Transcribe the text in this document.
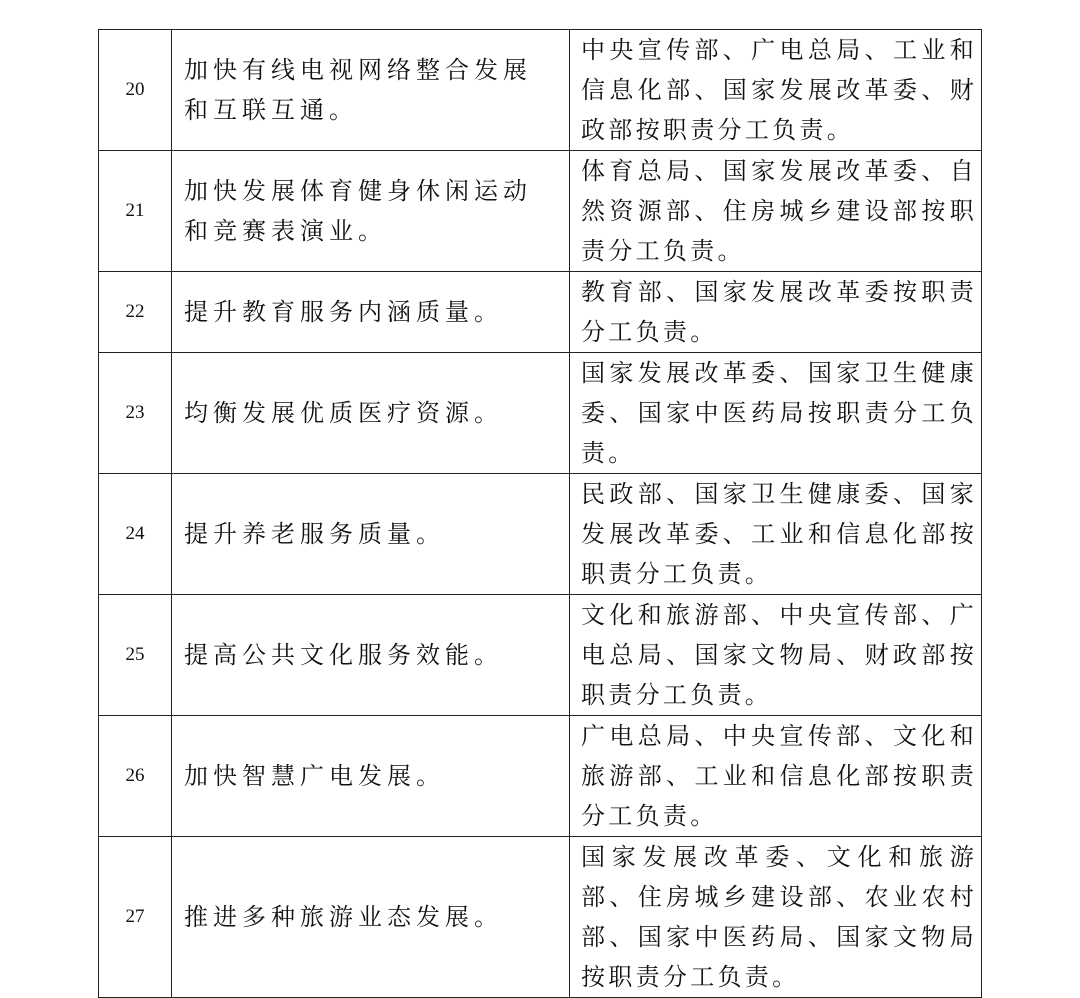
20	加快有线电视网络整合发展和互联互通。	中央宣传部、广电总局、工业和信息化部、国家发展改革委、财政部按职责分工负责。
21	加快发展体育健身休闲运动和竞赛表演业。	体育总局、国家发展改革委、自然资源部、住房城乡建设部按职责分工负责。
22	提升教育服务内涵质量。	教育部、国家发展改革委按职责分工负责。
23	均衡发展优质医疗资源。	国家发展改革委、国家卫生健康委、国家中医药局按职责分工负责。
24	提升养老服务质量。	民政部、国家卫生健康委、国家发展改革委、工业和信息化部按职责分工负责。
25	提高公共文化服务效能。	文化和旅游部、中央宣传部、广电总局、国家文物局、财政部按职责分工负责。
26	加快智慧广电发展。	广电总局、中央宣传部、文化和旅游部、工业和信息化部按职责分工负责。
27	推进多种旅游业态发展。	国家发展改革委、文化和旅游部、住房城乡建设部、农业农村部、国家中医药局、国家文物局按职责分工负责。
